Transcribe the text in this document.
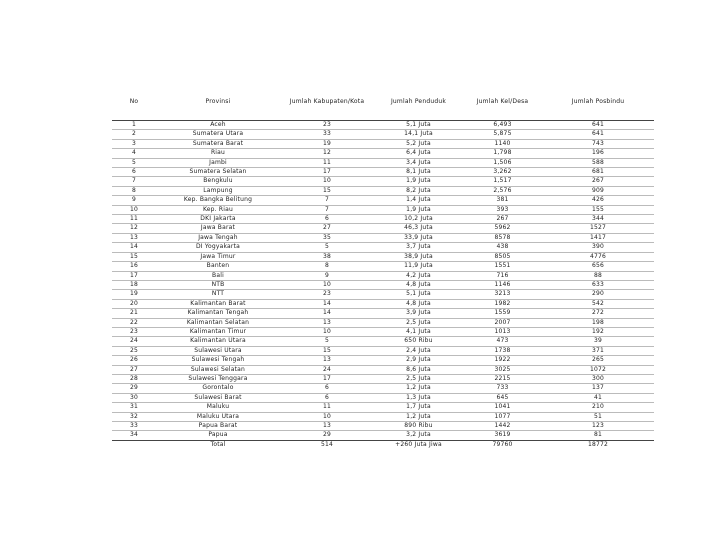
No	Provinsi	Jumlah Kabupaten/Kota	Jumlah Penduduk	Jumlah Kel/Desa	Jumlah Posbindu
1	Aceh	23	5,1 Juta	6,493	641
2	Sumatera Utara	33	14,1 Juta	5,875	641
3	Sumatera Barat	19	5,2 Juta	1140	743
4	Riau	12	6,4 Juta	1,798	196
5	Jambi	11	3,4 Juta	1,506	588
6	Sumatera Selatan	17	8,1 Juta	3,262	681
7	Bengkulu	10	1,9 Juta	1,517	267
8	Lampung	15	8,2 Juta	2,576	909
9	Kep. Bangka Belitung	7	1,4 Juta	381	426
10	Kep. Riau	7	1,9 Juta	393	155
11	DKI Jakarta	6	10,2 Juta	267	344
12	Jawa Barat	27	46,3 Juta	5962	1527
13	Jawa Tengah	35	33,9 Juta	8578	1417
14	DI Yogyakarta	5	3,7 Juta	438	390
15	Jawa Timur	38	38,9 Juta	8505	4776
16	Banten	8	11,9 Juta	1551	656
17	Bali	9	4,2 Juta	716	88
18	NTB	10	4,8 Juta	1146	633
19	NTT	23	5,1 Juta	3213	290
20	Kalimantan Barat	14	4,8 Juta	1982	542
21	Kalimantan Tengah	14	3,9 Juta	1559	272
22	Kalimantan Selatan	13	2,5 Juta	2007	198
23	Kalimantan Timur	10	4,1 Juta	1013	192
24	Kalimantan Utara	5	650 Ribu	473	39
25	Sulawesi Utara	15	2,4 Juta	1738	371
26	Sulawesi Tengah	13	2,9 Juta	1922	265
27	Sulawesi Selatan	24	8,6 Juta	3025	1072
28	Sulawesi Tenggara	17	2,5 Juta	2215	300
29	Gorontalo	6	1,2 Juta	733	137
30	Sulawesi Barat	6	1,3 Juta	645	41
31	Maluku	11	1,7 Juta	1041	210
32	Maluku Utara	10	1,2 Juta	1077	51
33	Papua Barat	13	890 Ribu	1442	123
34	Papua	29	3,2 Juta	3619	81
	Total	514	+260 Juta Jiwa	79760	18772
